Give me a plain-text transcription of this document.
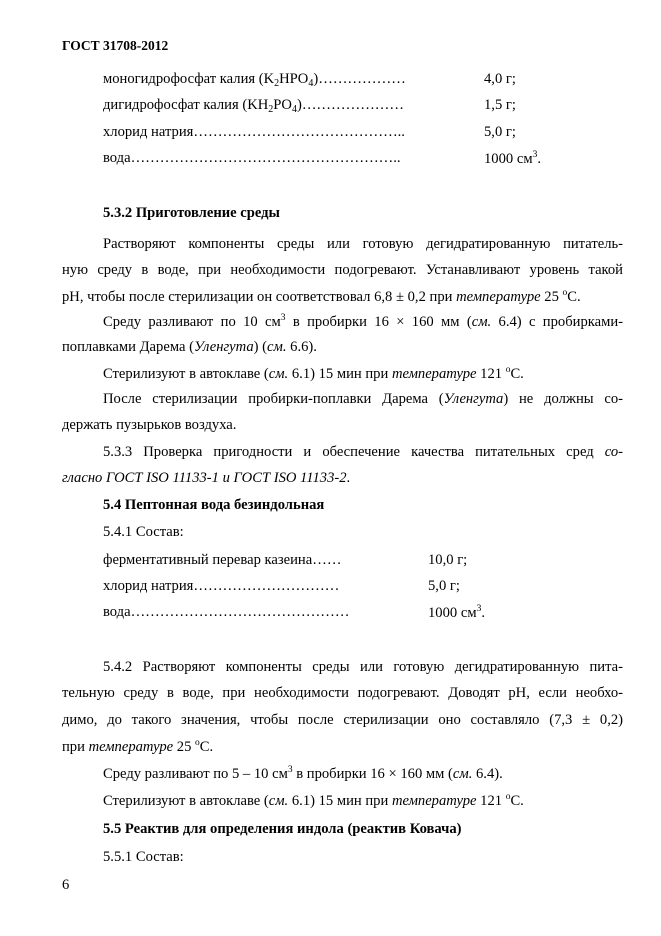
ГОСТ 31708-2012
моногидрофосфат калия $(K_2HPO_4)\dots\dots\dots\dots\dots\dots$	4,0 г;
дигидрофосфат калия $(KH_2PO_4)\dots\dots\dots\dots\dots\dots\dots$	1,5 г;
хлорид натрия……………………………………..	5,0 г;
вода………………………………………………..	1000 $см^3$.
5.3.2 Приготовление среды
Растворяют компоненты среды или готовую дегидратированную питатель-
ную среду в воде, при необходимости подогревают. Устанавливают уровень такой
pH, чтобы после стерилизации он соответствовал 6,8 ± 0,2 при температуре 25 $^o$C.
Среду разливают по 10 $см^3$ в пробирки 16 × 160 мм (см. 6.4) с пробирками-
поплавками Дарема (Уленгута) (см. 6.6).
Стерилизуют в автоклаве (см. 6.1) 15 мин при температуре 121 $^o$C.
После стерилизации пробирки-поплавки Дарема (Уленгута) не должны со-
держать пузырьков воздуха.
5.3.3 Проверка пригодности и обеспечение качества питательных сред со-
гласно ГОСТ ISO 11133-1 и ГОСТ ISO 11133-2.
5.4 Пептонная вода безиндольная
5.4.1 Состав:
ферментативный перевар казеина……	10,0 г;
хлорид натрия…………………………	5,0 г;
вода………………………………………	1000 $см^3$.
5.4.2 Растворяют компоненты среды или готовую дегидратированную пита-
тельную среду в воде, при необходимости подогревают. Доводят pH, если необхо-
димо, до такого значения, чтобы после стерилизации оно составляло (7,3 ± 0,2)
при температуре 25 $^o$C.
Среду разливают по 5 – 10 $см^3$ в пробирки 16 × 160 мм (см. 6.4).
Стерилизуют в автоклаве (см. 6.1) 15 мин при температуре 121 $^o$C.
5.5 Реактив для определения индола (реактив Ковача)
5.5.1 Состав:
6
